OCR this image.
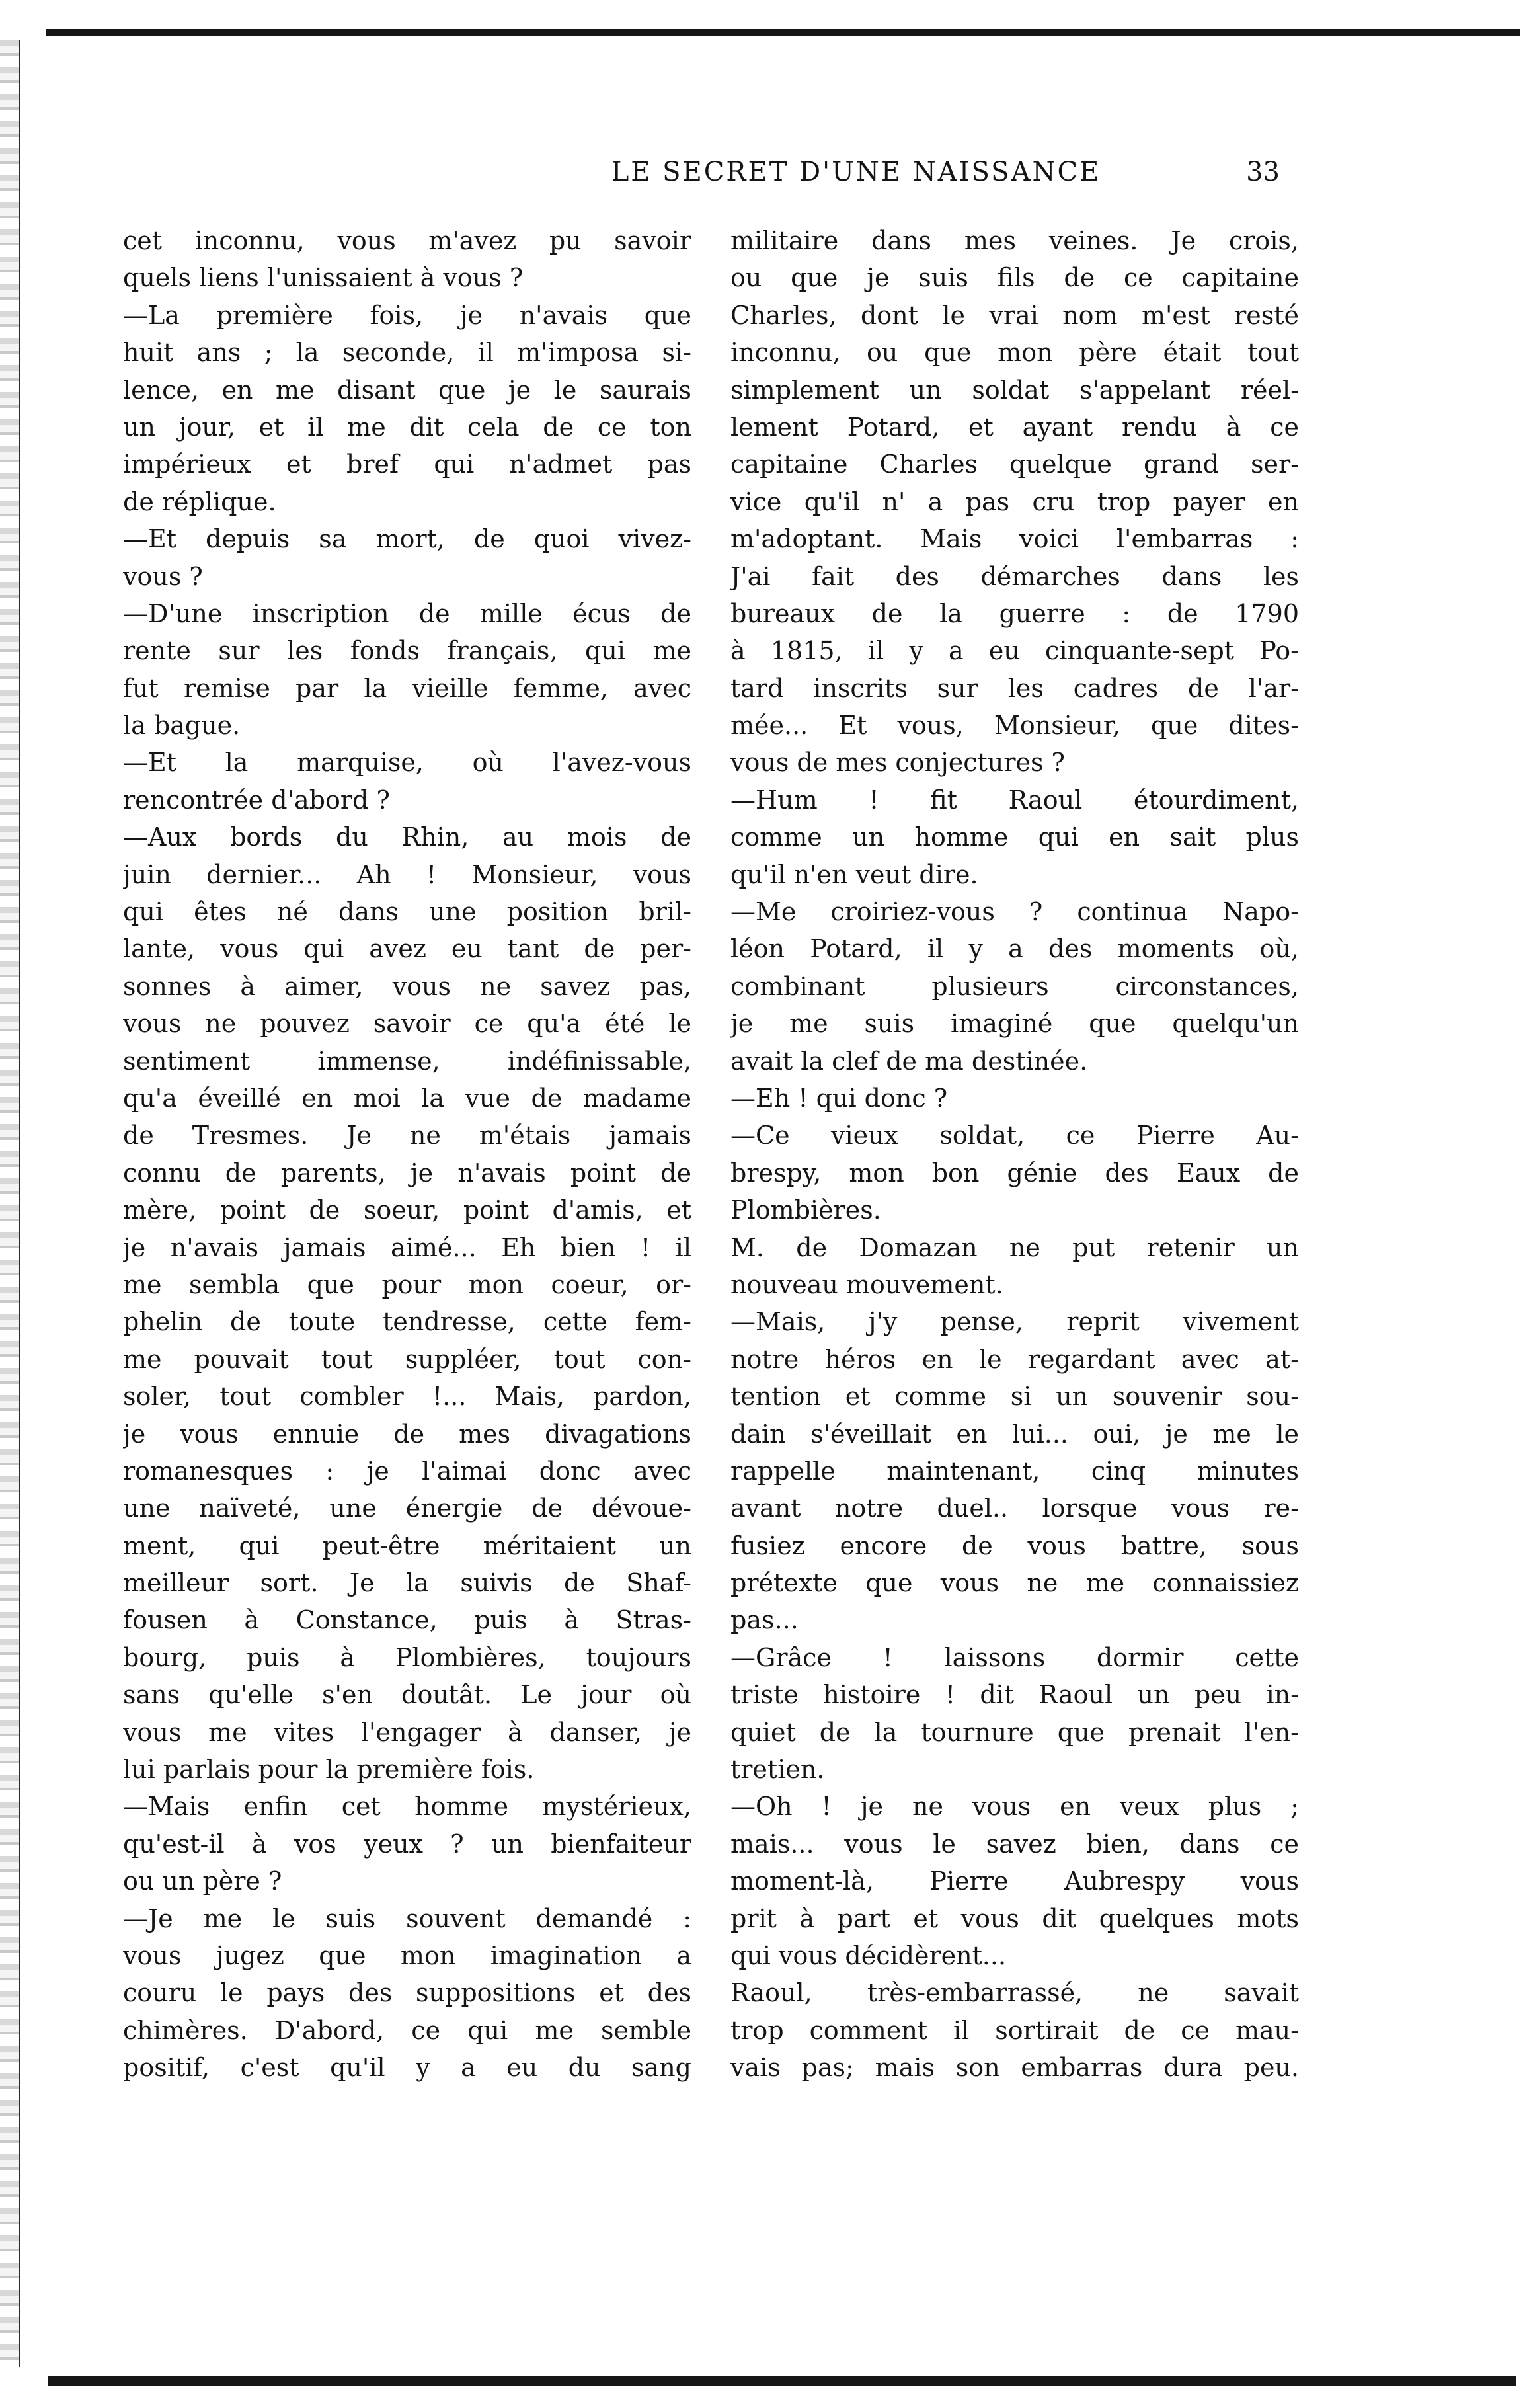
LE SECRET D'UNE NAISSANCE	33
cet inconnu, vous m'avez pu savoir
quels liens l'unissaient à vous ?
—La première fois, je n'avais que
huit ans ; la seconde, il m'imposa si-
lence, en me disant que je le saurais
un jour, et il me dit cela de ce ton
impérieux et bref qui n'admet pas
de réplique.
—Et depuis sa mort, de quoi vivez-
vous ?
—D'une inscription de mille écus de
rente sur les fonds français, qui me
fut remise par la vieille femme, avec
la bague.
—Et la marquise, où l'avez-vous
rencontrée d'abord ?
—Aux bords du Rhin, au mois de
juin dernier... Ah ! Monsieur, vous
qui êtes né dans une position bril-
lante, vous qui avez eu tant de per-
sonnes à aimer, vous ne savez pas,
vous ne pouvez savoir ce qu'a été le
sentiment immense, indéfinissable,
qu'a éveillé en moi la vue de madame
de Tresmes. Je ne m'étais jamais
connu de parents, je n'avais point de
mère, point de soeur, point d'amis, et
je n'avais jamais aimé... Eh bien ! il
me sembla que pour mon coeur, or-
phelin de toute tendresse, cette fem-
me pouvait tout suppléer, tout con-
soler, tout combler !... Mais, pardon,
je vous ennuie de mes divagations
romanesques : je l'aimai donc avec
une naïveté, une énergie de dévoue-
ment, qui peut-être méritaient un
meilleur sort. Je la suivis de Shaf-
fousen à Constance, puis à Stras-
bourg, puis à Plombières, toujours
sans qu'elle s'en doutât. Le jour où
vous me vites l'engager à danser, je
lui parlais pour la première fois.
—Mais enfin cet homme mystérieux,
qu'est-il à vos yeux ? un bienfaiteur
ou un père ?
—Je me le suis souvent demandé :
vous jugez que mon imagination a
couru le pays des suppositions et des
chimères. D'abord, ce qui me semble
positif, c'est qu'il y a eu du sang
militaire dans mes veines. Je crois,
ou que je suis fils de ce capitaine
Charles, dont le vrai nom m'est resté
inconnu, ou que mon père était tout
simplement un soldat s'appelant réel-
lement Potard, et ayant rendu à ce
capitaine Charles quelque grand ser-
vice qu'il n' a pas cru trop payer en
m'adoptant. Mais voici l'embarras :
J'ai fait des démarches dans les
bureaux de la guerre : de 1790
à 1815, il y a eu cinquante-sept Po-
tard inscrits sur les cadres de l'ar-
mée... Et vous, Monsieur, que dites-
vous de mes conjectures ?
—Hum ! fit Raoul étourdiment,
comme un homme qui en sait plus
qu'il n'en veut dire.
—Me croiriez-vous ? continua Napo-
léon Potard, il y a des moments où,
combinant plusieurs circonstances,
je me suis imaginé que quelqu'un
avait la clef de ma destinée.
—Eh ! qui donc ?
—Ce vieux soldat, ce Pierre Au-
brespy, mon bon génie des Eaux de
Plombières.
M. de Domazan ne put retenir un
nouveau mouvement.
—Mais, j'y pense, reprit vivement
notre héros en le regardant avec at-
tention et comme si un souvenir sou-
dain s'éveillait en lui... oui, je me le
rappelle maintenant, cinq minutes
avant notre duel.. lorsque vous re-
fusiez encore de vous battre, sous
prétexte que vous ne me connaissiez
pas...
—Grâce ! laissons dormir cette
triste histoire ! dit Raoul un peu in-
quiet de la tournure que prenait l'en-
tretien.
—Oh ! je ne vous en veux plus ;
mais... vous le savez bien, dans ce
moment-là, Pierre Aubrespy vous
prit à part et vous dit quelques mots
qui vous décidèrent...
Raoul, très-embarrassé, ne savait
trop comment il sortirait de ce mau-
vais pas; mais son embarras dura peu.
